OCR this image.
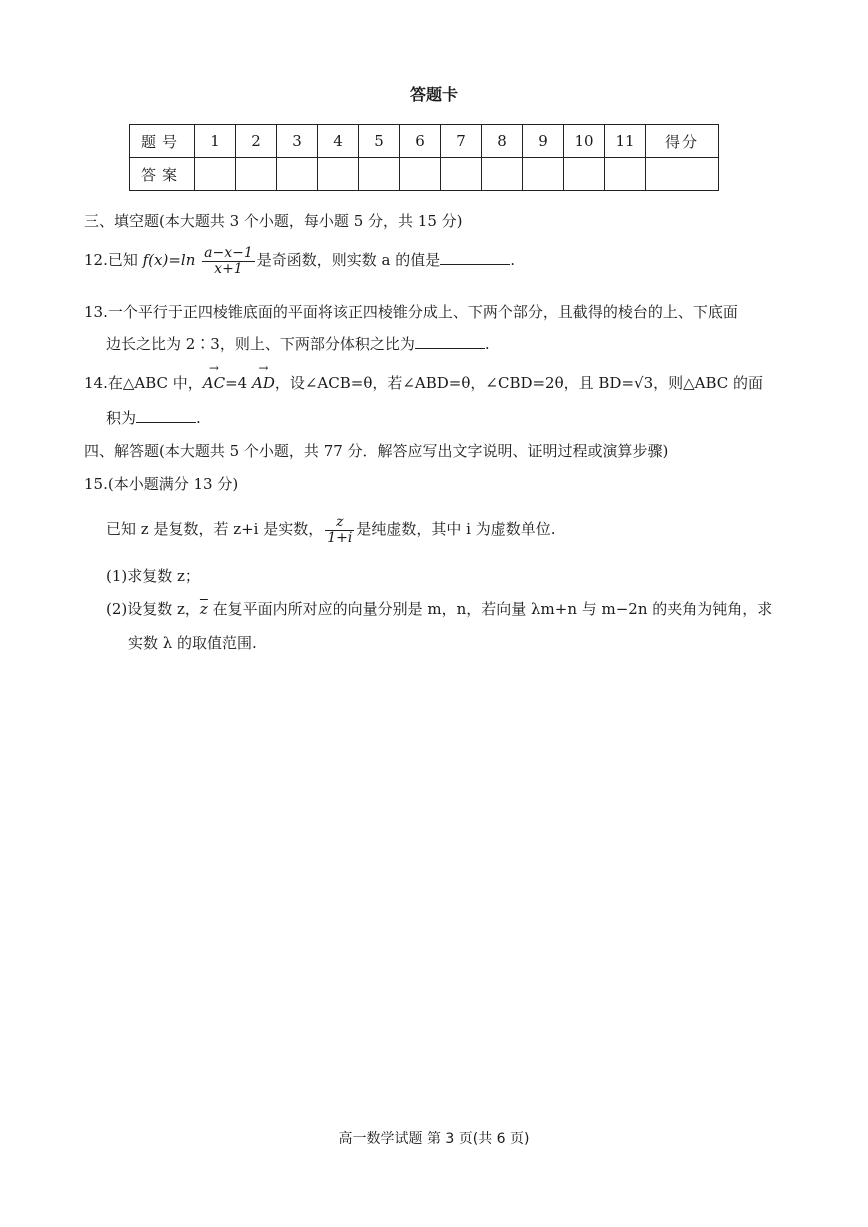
答题卡
题号	1	2	3	4	5	6	7	8	9	10	11	得分
答案												
三、填空题(本大题共 3 个小题，每小题 5 分，共 15 分)
12.已知 $f(x)=\ln \frac{a-x-1}{x+1}$ 是奇函数，则实数 a 的值是	.
13.一个平行于正四棱锥底面的平面将该正四棱锥分成上、下两个部分，且截得的棱台的上、下底面
边长之比为 2∶3，则上、下两部分体积之比为	.
14.在△ABC 中，→ AC=4 → AD，设∠ACB=θ，若∠ABD=θ，∠CBD=2θ，且 BD=√3，则△ABC 的面
积为	.
四、解答题(本大题共 5 个小题，共 77 分．解答应写出文字说明、证明过程或演算步骤)
15.(本小题满分 13 分)
已知 z 是复数，若 z+i 是实数， $\frac{z}{1+i}$ 是纯虚数，其中 i 为虚数单位.
(1)求复数 z；
(2)设复数 z，$\overline{z}$ 在复平面内所对应的向量分别是 m，n，若向量 λm+n 与 m−2n 的夹角为钝角，求
实数 λ 的取值范围.
高一数学试题 第 3 页(共 6 页)
